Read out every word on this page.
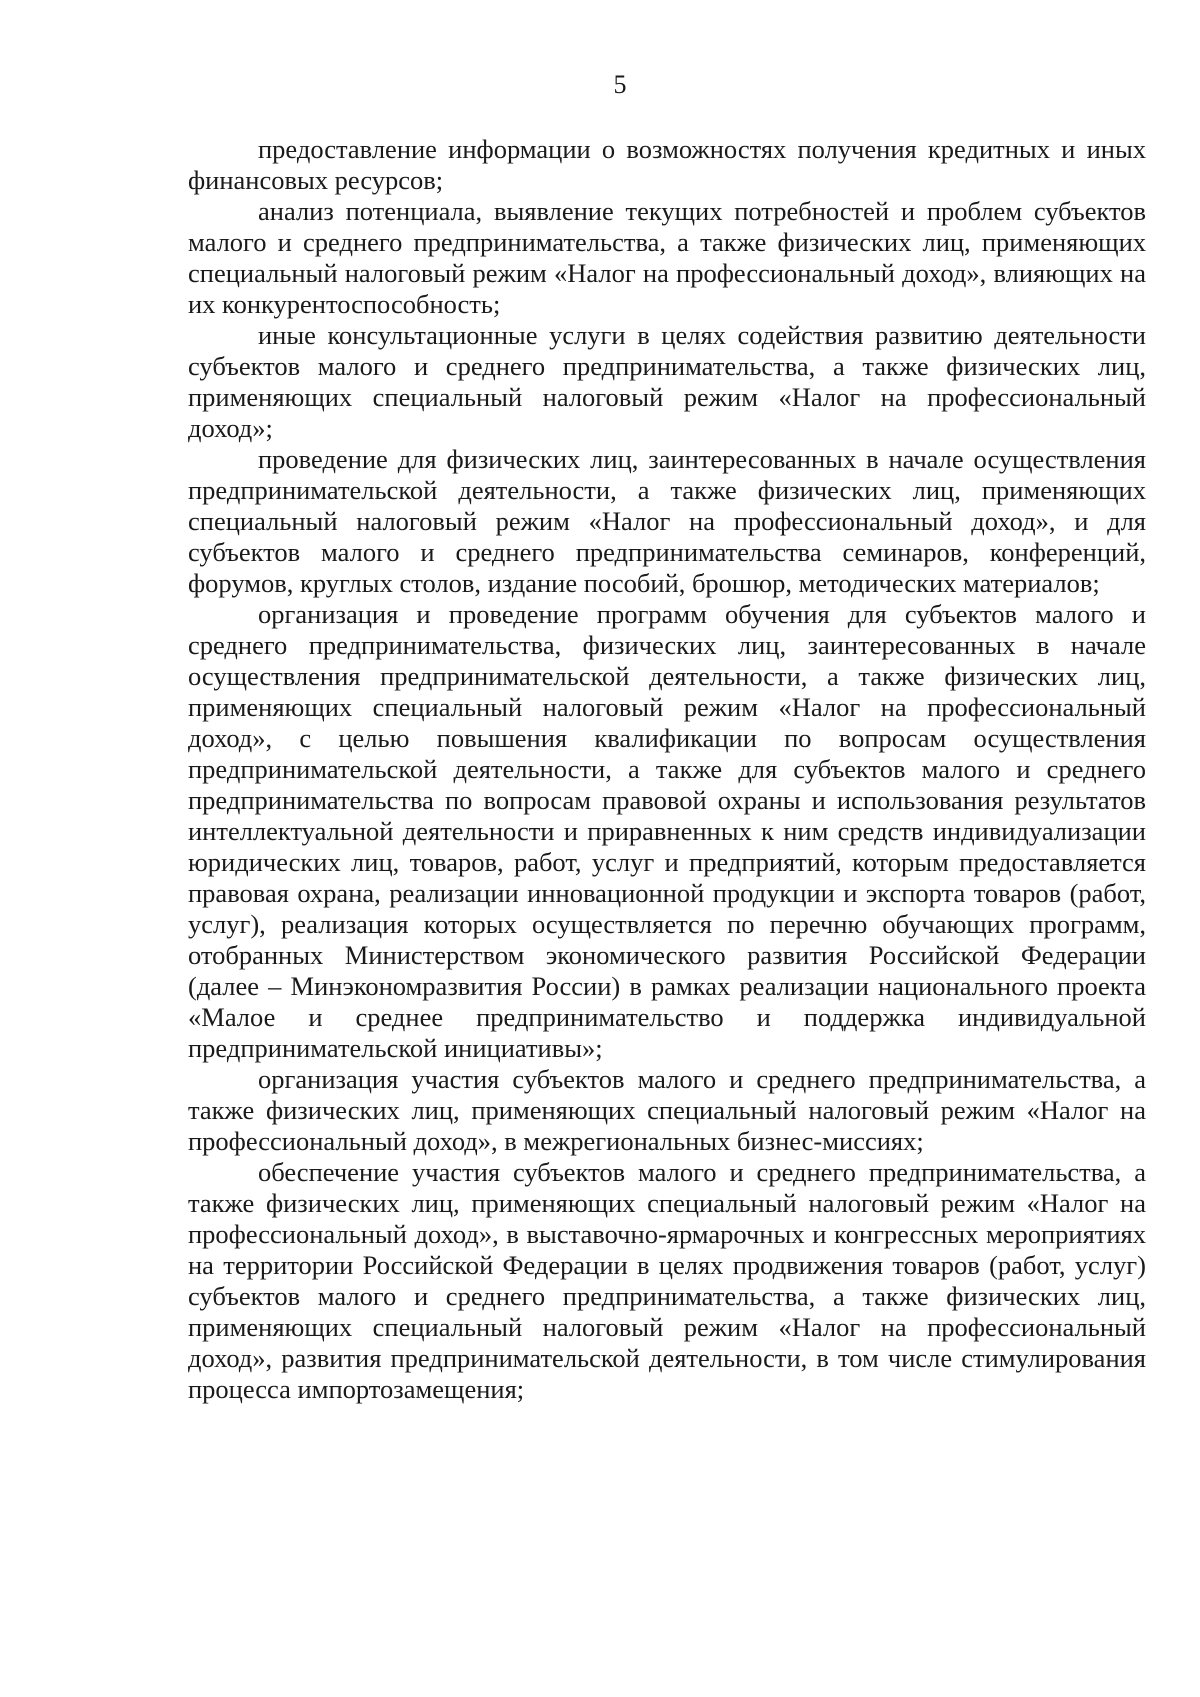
5

предоставление информации о возможностях получения кредитных и иных финансовых ресурсов;

анализ потенциала, выявление текущих потребностей и проблем субъектов малого и среднего предпринимательства, а также физических лиц, применяющих специальный налоговый режим «Налог на профессиональный доход», влияющих на их конкурентоспособность;

иные консультационные услуги в целях содействия развитию деятельности субъектов малого и среднего предпринимательства, а также физических лиц, применяющих специальный налоговый режим «Налог на профессиональный доход»;

проведение для физических лиц, заинтересованных в начале осуществления предпринимательской деятельности, а также физических лиц, применяющих специальный налоговый режим «Налог на профессиональный доход», и для субъектов малого и среднего предпринимательства семинаров, конференций, форумов, круглых столов, издание пособий, брошюр, методических материалов;

организация и проведение программ обучения для субъектов малого и среднего предпринимательства, физических лиц, заинтересованных в начале осуществления предпринимательской деятельности, а также физических лиц, применяющих специальный налоговый режим «Налог на профессиональный доход», с целью повышения квалификации по вопросам осуществления предпринимательской деятельности, а также для субъектов малого и среднего предпринимательства по вопросам правовой охраны и использования результатов интеллектуальной деятельности и приравненных к ним средств индивидуализации юридических лиц, товаров, работ, услуг и предприятий, которым предоставляется правовая охрана, реализации инновационной продукции и экспорта товаров (работ, услуг), реализация которых осуществляется по перечню обучающих программ, отобранных Министерством экономического развития Российской Федерации (далее – Минэкономразвития России) в рамках реализации национального проекта «Малое и среднее предпринимательство и поддержка индивидуальной предпринимательской инициативы»;

организация участия субъектов малого и среднего предпринимательства, а также физических лиц, применяющих специальный налоговый режим «Налог на профессиональный доход», в межрегиональных бизнес-миссиях;

обеспечение участия субъектов малого и среднего предпринимательства, а также физических лиц, применяющих специальный налоговый режим «Налог на профессиональный доход», в выставочно-ярмарочных и конгрессных мероприятиях на территории Российской Федерации в целях продвижения товаров (работ, услуг) субъектов малого и среднего предпринимательства, а также физических лиц, применяющих специальный налоговый режим «Налог на профессиональный доход», развития предпринимательской деятельности, в том числе стимулирования процесса импортозамещения;
